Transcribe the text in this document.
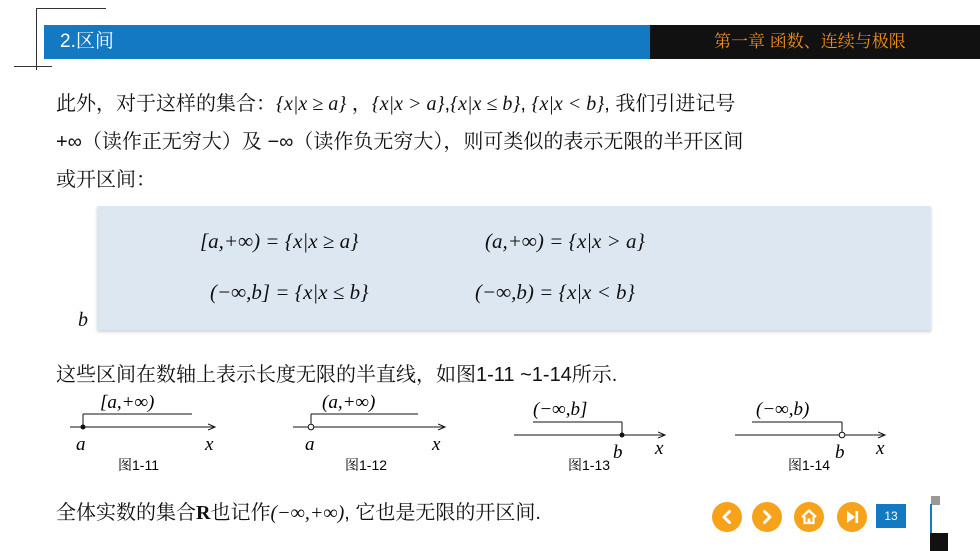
2.区间	第一章 函数、连续与极限
此外，对于这样的集合：{x|x ≥ a} ，{x|x > a},{x|x ≤ b}, {x|x < b}, 我们引进记号
+∞（读作正无穷大）及 −∞（读作负无穷大），则可类似的表示无限的半开区间
或开区间：
[a,+∞) = {x|x ≥ a}	(a,+∞) = {x|x > a}
(−∞,b] = {x|x ≤ b}	(−∞,b) = {x|x < b}
b
这些区间在数轴上表示长度无限的半直线，如图1-11 ~1-14所示.
[a,+∞)
a	x
图1-11
(a,+∞)
a	x
图1-12
(−∞,b]
b x
图1-13
(−∞,b)
b x
图1-14
全体实数的集合R也记作(−∞,+∞), 它也是无限的开区间.	13
